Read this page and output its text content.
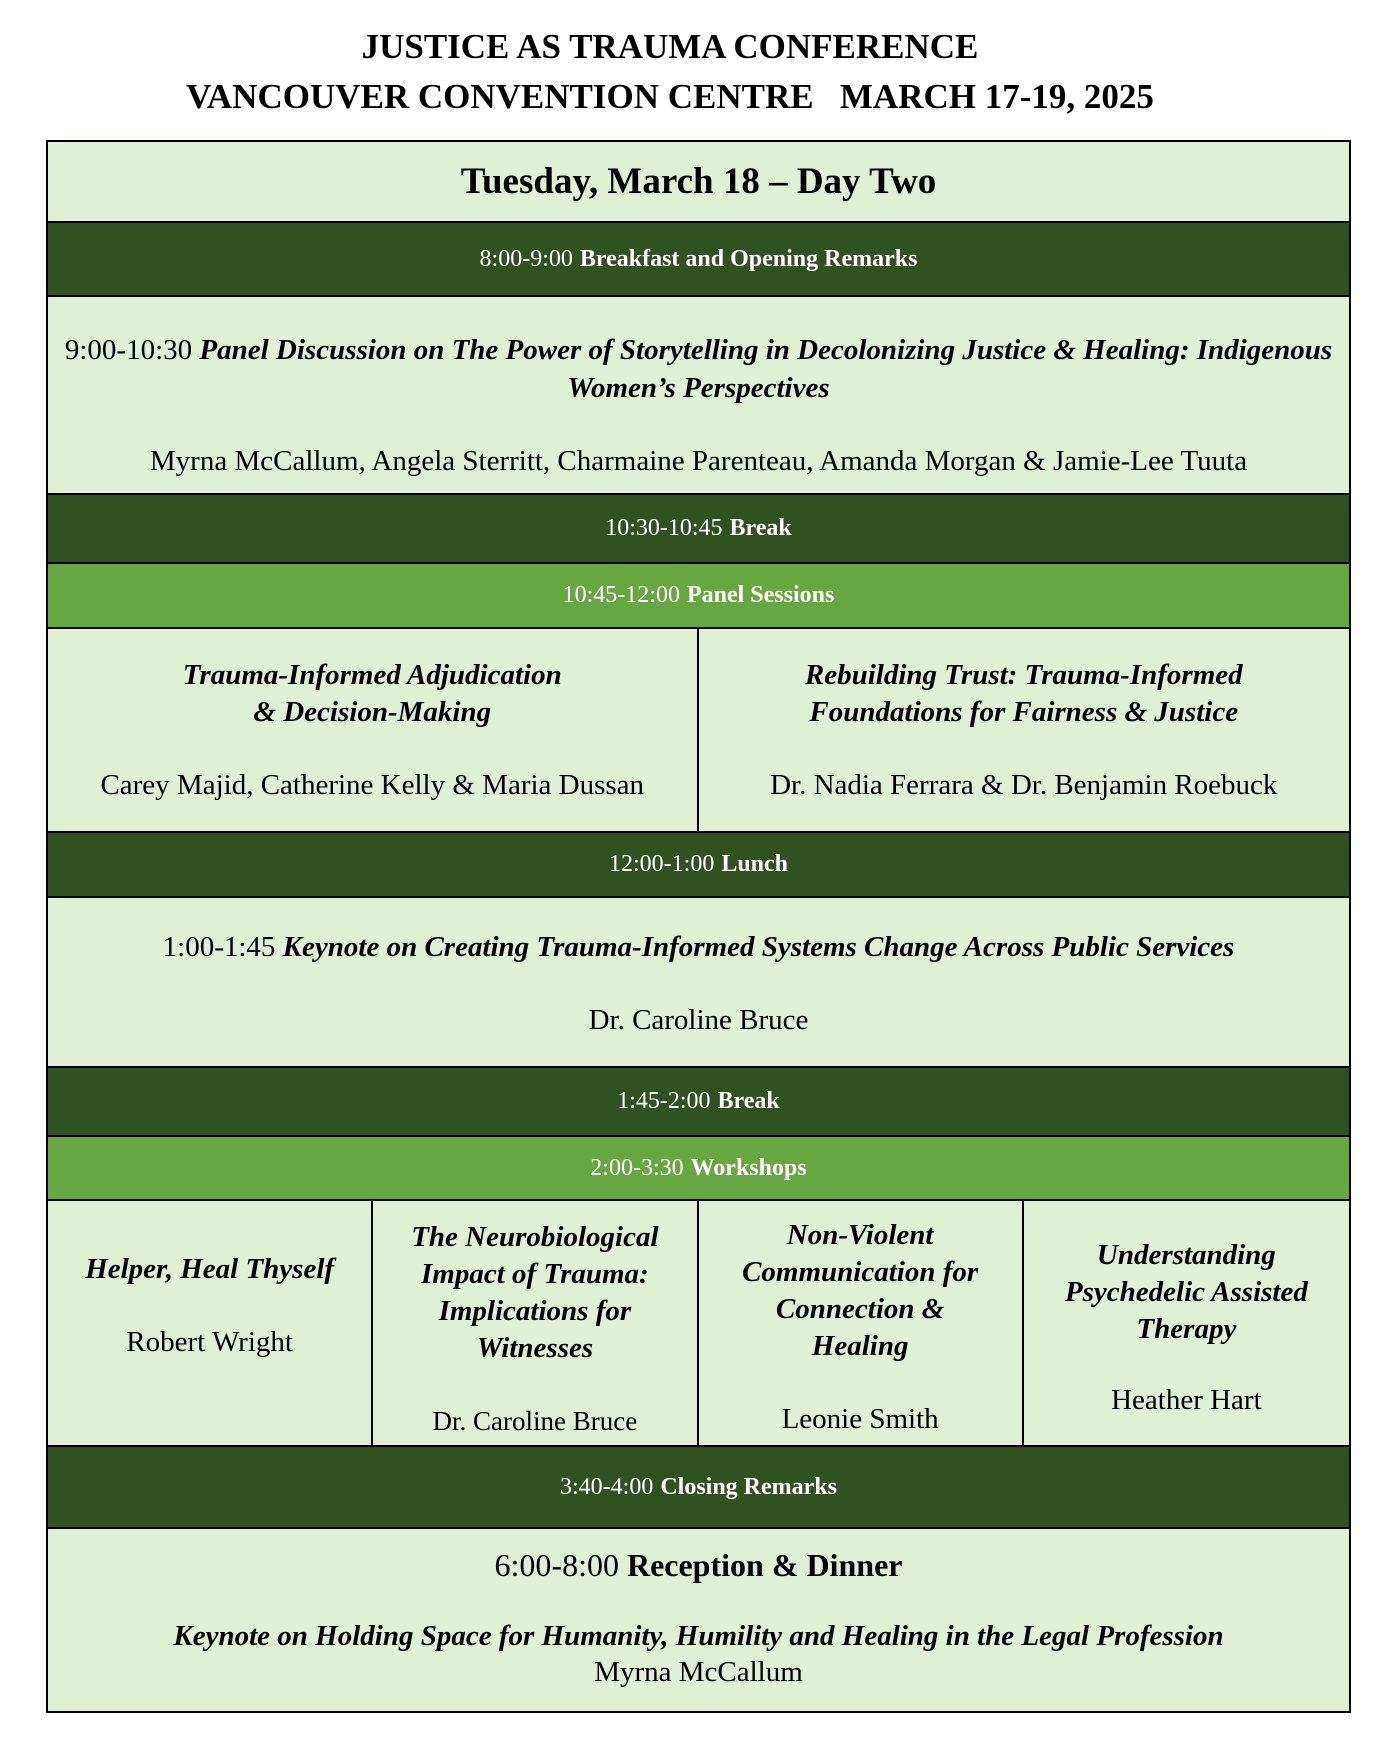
JUSTICE AS TRAUMA CONFERENCE
VANCOUVER CONVENTION CENTRE   MARCH 17-19, 2025
Tuesday, March 18 – Day Two
8:00-9:00 Breakfast and Opening Remarks
9:00-10:30 Panel Discussion on The Power of Storytelling in Decolonizing Justice & Healing: Indigenous Women’s Perspectives
Myrna McCallum, Angela Sterritt, Charmaine Parenteau, Amanda Morgan & Jamie-Lee Tuuta
10:30-10:45 Break
10:45-12:00 Panel Sessions
Trauma-Informed Adjudication
& Decision-Making
Carey Majid, Catherine Kelly & Maria Dussan
Rebuilding Trust: Trauma-Informed
Foundations for Fairness & Justice
Dr. Nadia Ferrara & Dr. Benjamin Roebuck
12:00-1:00 Lunch
1:00-1:45 Keynote on Creating Trauma-Informed Systems Change Across Public Services
Dr. Caroline Bruce
1:45-2:00 Break
2:00-3:30 Workshops
Helper, Heal Thyself
Robert Wright
The Neurobiological Impact of Trauma: Implications for Witnesses
Dr. Caroline Bruce
Non-Violent Communication for Connection & Healing
Leonie Smith
Understanding Psychedelic Assisted Therapy
Heather Hart
3:40-4:00 Closing Remarks
6:00-8:00 Reception & Dinner
Keynote on Holding Space for Humanity, Humility and Healing in the Legal Profession
Myrna McCallum
